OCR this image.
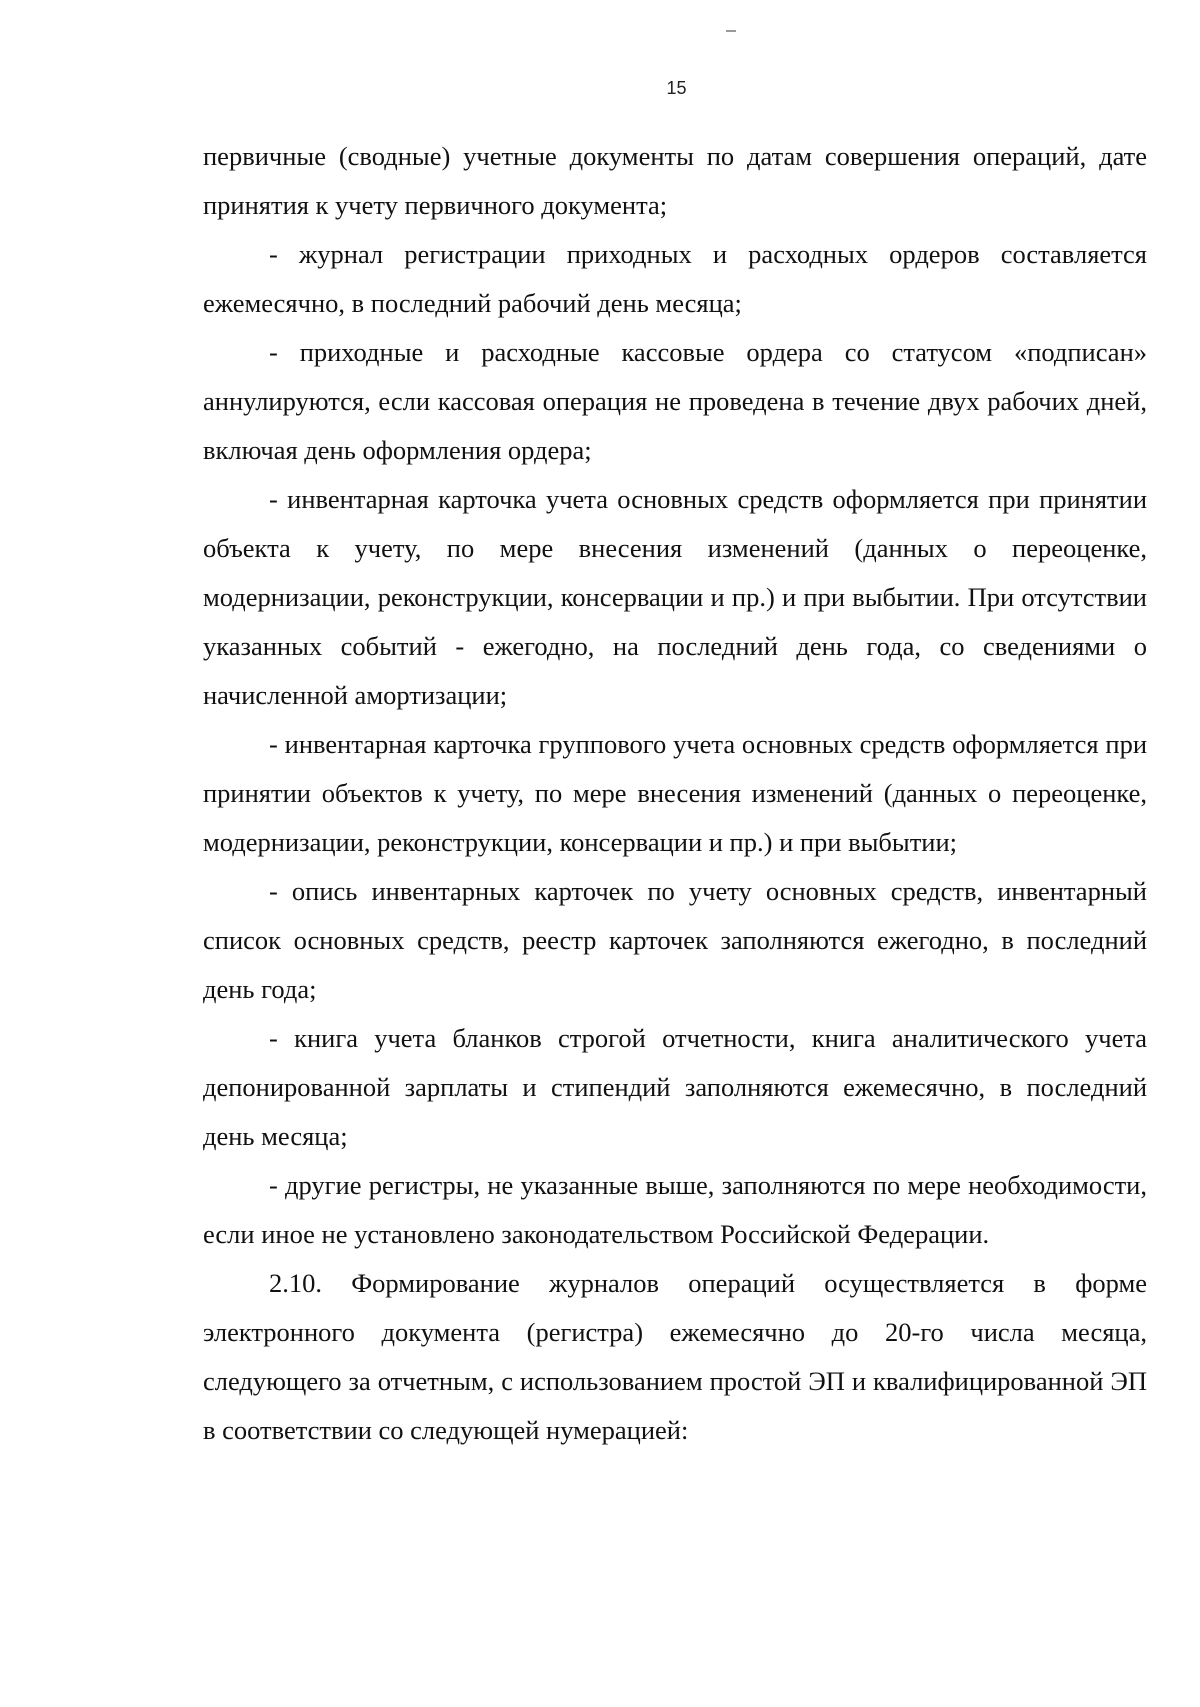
15

первичные (сводные) учетные документы по датам совершения операций, дате принятия к учету первичного документа;

- журнал регистрации приходных и расходных ордеров составляется ежемесячно, в последний рабочий день месяца;

- приходные и расходные кассовые ордера со статусом «подписан» аннулируются, если кассовая операция не проведена в течение двух рабочих дней, включая день оформления ордера;

- инвентарная карточка учета основных средств оформляется при принятии объекта к учету, по мере внесения изменений (данных о переоценке, модернизации, реконструкции, консервации и пр.) и при выбытии. При отсутствии указанных событий - ежегодно, на последний день года, со сведениями о начисленной амортизации;

- инвентарная карточка группового учета основных средств оформляется при принятии объектов к учету, по мере внесения изменений (данных о переоценке, модернизации, реконструкции, консервации и пр.) и при выбытии;

- опись инвентарных карточек по учету основных средств, инвентарный список основных средств, реестр карточек заполняются ежегодно, в последний день года;

- книга учета бланков строгой отчетности, книга аналитического учета депонированной зарплаты и стипендий заполняются ежемесячно, в последний день месяца;

- другие регистры, не указанные выше, заполняются по мере необходимости, если иное не установлено законодательством Российской Федерации.

2.10. Формирование журналов операций осуществляется в форме электронного документа (регистра) ежемесячно до 20-го числа месяца, следующего за отчетным, с использованием простой ЭП и квалифицированной ЭП в соответствии со следующей нумерацией:
